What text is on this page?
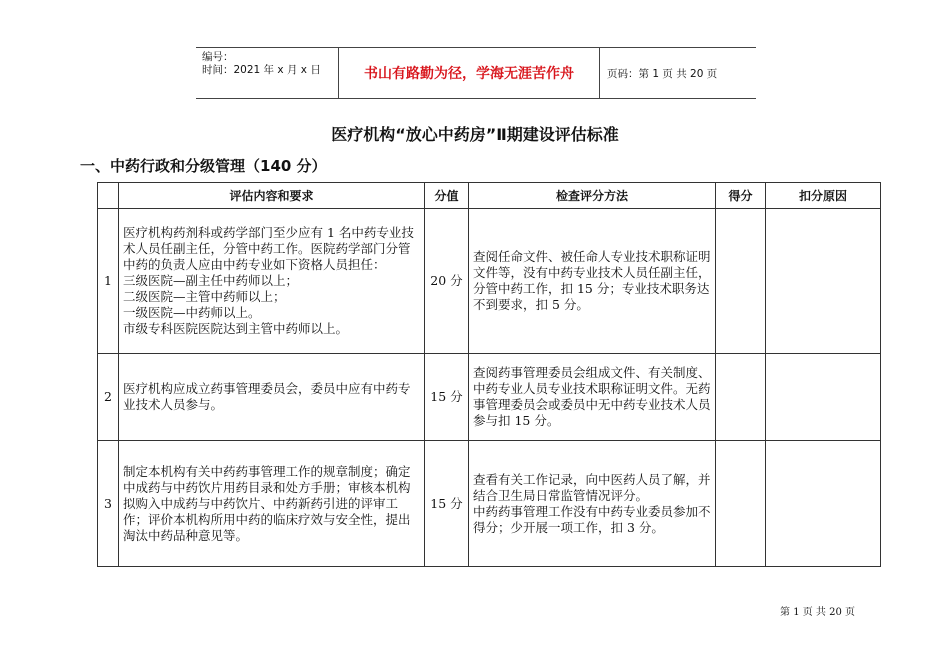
编号：
时间：2021 年 x 月 x 日	书山有路勤为径，学海无涯苦作舟	页码：第 1 页 共 20 页
医疗机构“放心中药房”Ⅱ期建设评估标准
一、中药行政和分级管理（140 分）
	评估内容和要求	分值	检查评分方法	得分	扣分原因
1	医疗机构药剂科或药学部门至少应有 1 名中药专业技术人员任副主任，分管中药工作。医院药学部门分管中药的负责人应由中药专业如下资格人员担任：
三级医院—副主任中药师以上；
二级医院—主管中药师以上；
一级医院—中药师以上。
市级专科医院医院达到主管中药师以上。	20 分	查阅任命文件、被任命人专业技术职称证明文件等，没有中药专业技术人员任副主任，分管中药工作，扣 15 分；专业技术职务达不到要求，扣 5 分。		
2	医疗机构应成立药事管理委员会，委员中应有中药专业技术人员参与。	15 分	查阅药事管理委员会组成文件、有关制度、中药专业人员专业技术职称证明文件。无药事管理委员会或委员中无中药专业技术人员参与扣 15 分。		
3	制定本机构有关中药药事管理工作的规章制度；确定中成药与中药饮片用药目录和处方手册；审核本机构拟购入中成药与中药饮片、中药新药引进的评审工作；评价本机构所用中药的临床疗效与安全性，提出淘汰中药品种意见等。	15 分	查看有关工作记录，向中医药人员了解，并结合卫生局日常监管情况评分。
中药药事管理工作没有中药专业委员参加不得分；少开展一项工作，扣 3 分。		
第 1 页 共 20 页
